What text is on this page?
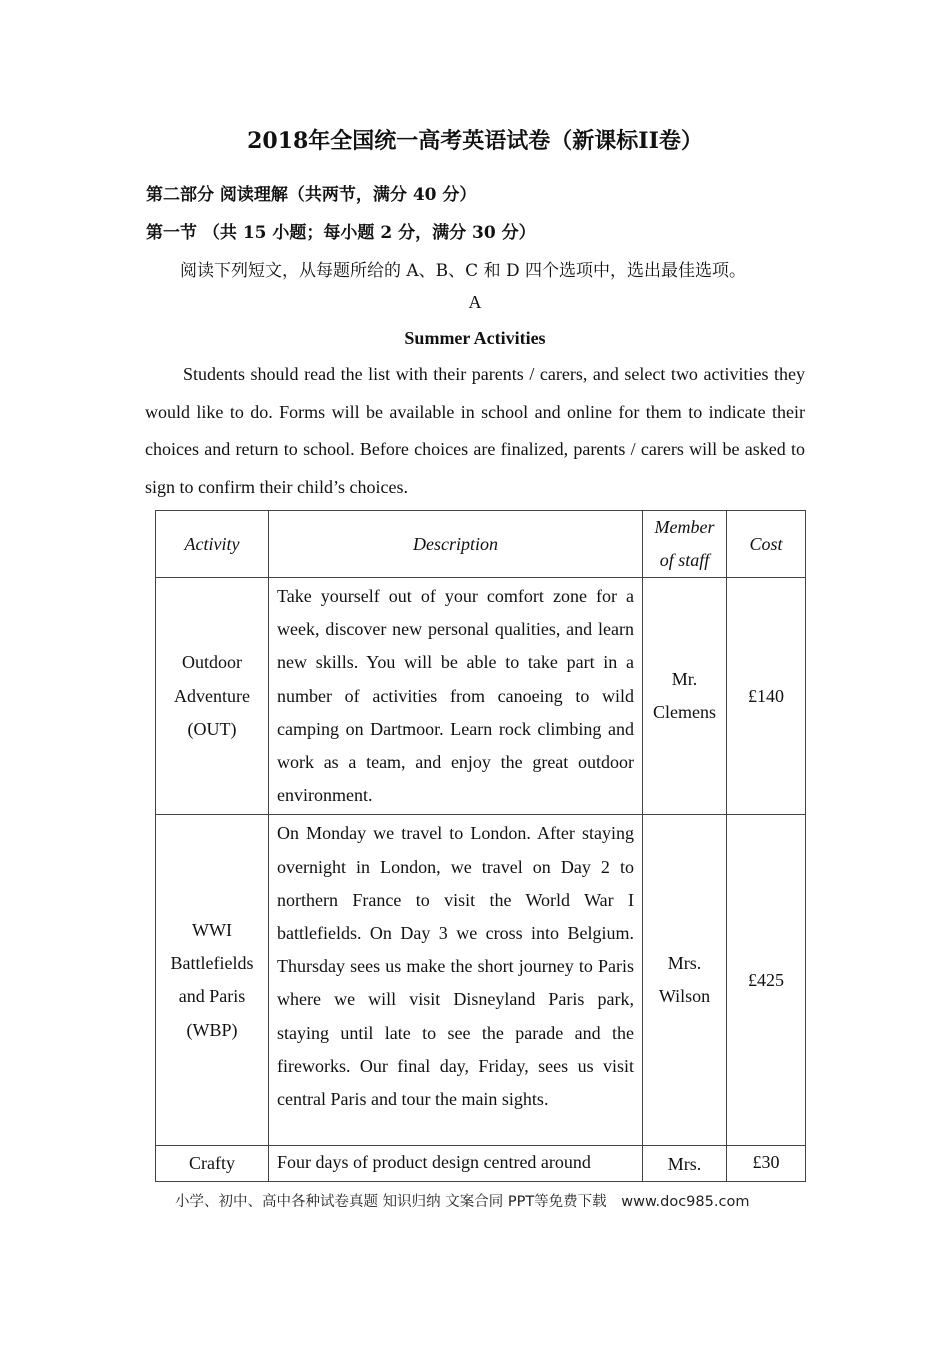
2018年全国统一高考英语试卷（新课标II卷）
第二部分 阅读理解（共两节，满分 40 分）
第一节 （共 15 小题；每小题 2 分，满分 30 分）
阅读下列短文，从每题所给的 A、B、C 和 D 四个选项中，选出最佳选项。
A
Summer Activities

Students should read the list with their parents / carers, and select two activities they would like to do. Forms will be available in school and online for them to indicate their choices and return to school. Before choices are finalized, parents / carers will be asked to sign to confirm their child’s choices.

Activity	Description	Member of staff	Cost
Outdoor Adventure (OUT)	Take yourself out of your comfort zone for a week, discover new personal qualities, and learn new skills. You will be able to take part in a number of activities from canoeing to wild camping on Dartmoor. Learn rock climbing and work as a team, and enjoy the great outdoor environment.	Mr. Clemens	£140
WWI Battlefields and Paris (WBP)	On Monday we travel to London. After staying overnight in London, we travel on Day 2 to northern France to visit the World War I battlefields. On Day 3 we cross into Belgium. Thursday sees us make the short journey to Paris where we will visit Disneyland Paris park, staying until late to see the parade and the fireworks. Our final day, Friday, sees us visit central Paris and tour the main sights.	Mrs. Wilson	£425
Crafty	Four days of product design centred around	Mrs.	£30
小学、初中、高中各种试卷真题 知识归纳 文案合同 PPT等免费下载 www.doc985.com
